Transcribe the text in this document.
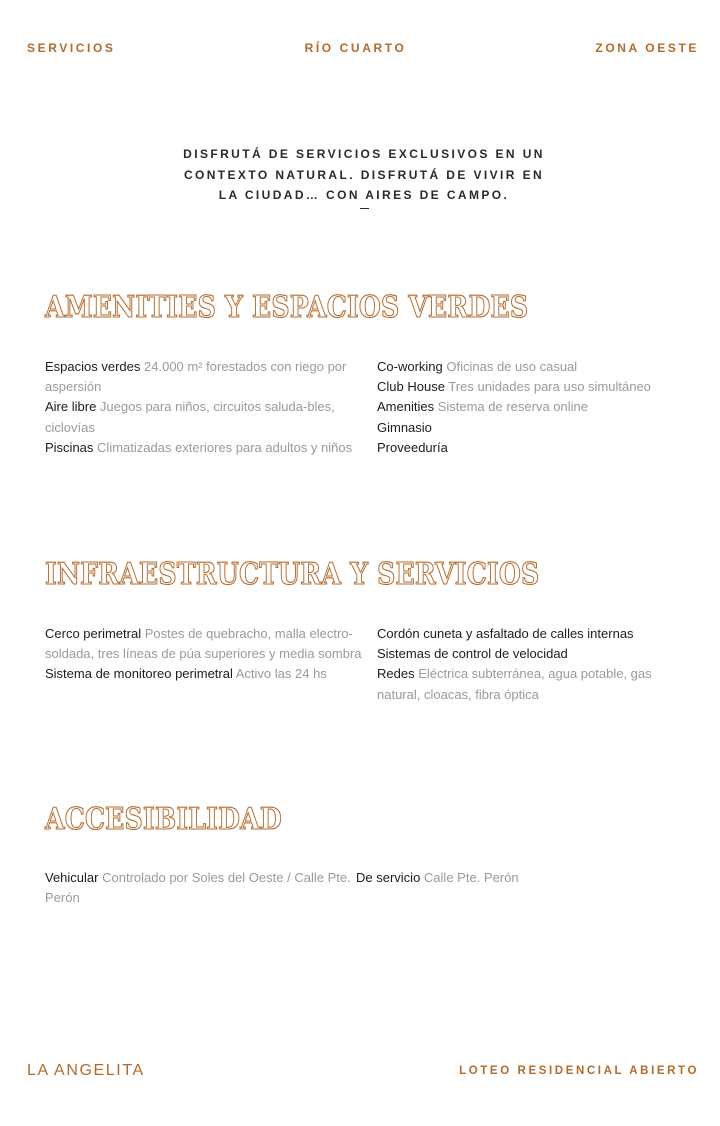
SERVICIOS	RÍO CUARTO	ZONA OESTE

DISFRUTÁ DE SERVICIOS EXCLUSIVOS EN UN
CONTEXTO NATURAL. DISFRUTÁ DE VIVIR EN
LA CIUDAD… CON AIRES DE CAMPO.

AMENITIES Y ESPACIOS VERDES
Espacios verdes 24.000 m² forestados con riego por aspersión
Aire libre Juegos para niños, circuitos saluda-bles, ciclovías
Piscinas Climatizadas exteriores para adultos y niños
Co-working Oficinas de uso casual
Club House Tres unidades para uso simultáneo
Amenities Sistema de reserva online
Gimnasio
Proveeduría
INFRAESTRUCTURA Y SERVICIOS
Cerco perimetral Postes de quebracho, malla electro-soldada, tres líneas de púa superiores y media sombra
Sistema de monitoreo perimetral Activo las 24 hs
Cordón cuneta y asfaltado de calles internas
Sistemas de control de velocidad
Redes Eléctrica subterránea, agua potable, gas natural, cloacas, fibra óptica
ACCESIBILIDAD
Vehicular Controlado por Soles del Oeste / Calle Pte. Perón
De servicio Calle Pte. Perón
LA ANGELITA	LOTEO RESIDENCIAL ABIERTO
